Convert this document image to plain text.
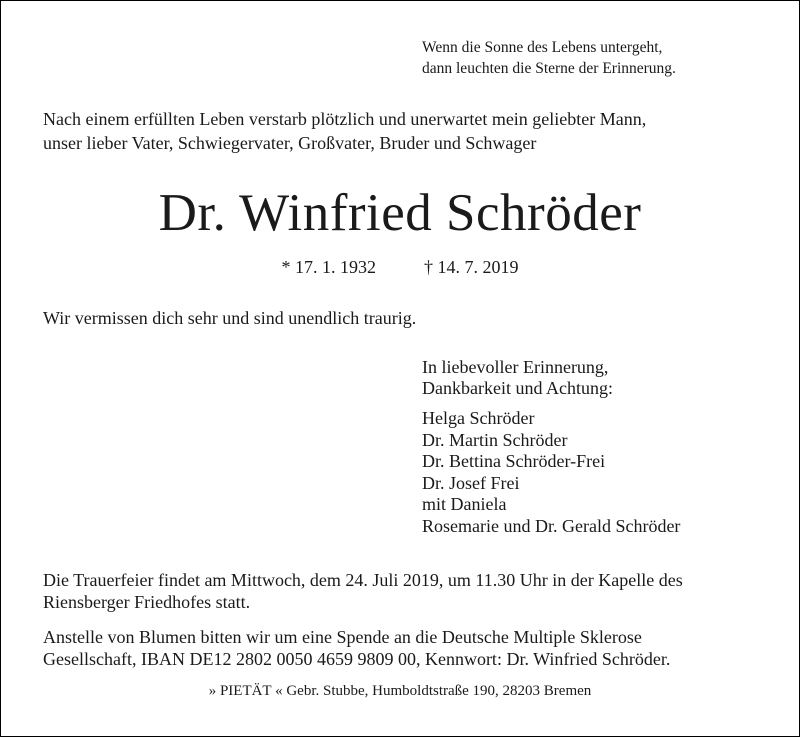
Wenn die Sonne des Lebens untergeht,
dann leuchten die Sterne der Erinnerung.
Nach einem erfüllten Leben verstarb plötzlich und unerwartet mein geliebter Mann,
unser lieber Vater, Schwiegervater, Großvater, Bruder und Schwager
Dr. Winfried Schröder
* 17. 1. 1932	† 14. 7. 2019
Wir vermissen dich sehr und sind unendlich traurig.
In liebevoller Erinnerung,
Dankbarkeit und Achtung:
Helga Schröder
Dr. Martin Schröder
Dr. Bettina Schröder-Frei
Dr. Josef Frei
mit Daniela
Rosemarie und Dr. Gerald Schröder
Die Trauerfeier findet am Mittwoch, dem 24. Juli 2019, um 11.30 Uhr in der Kapelle des
Riensberger Friedhofes statt.
Anstelle von Blumen bitten wir um eine Spende an die Deutsche Multiple Sklerose
Gesellschaft, IBAN DE12 2802 0050 4659 9809 00, Kennwort: Dr. Winfried Schröder.
» PIETÄT « Gebr. Stubbe, Humboldtstraße 190, 28203 Bremen
